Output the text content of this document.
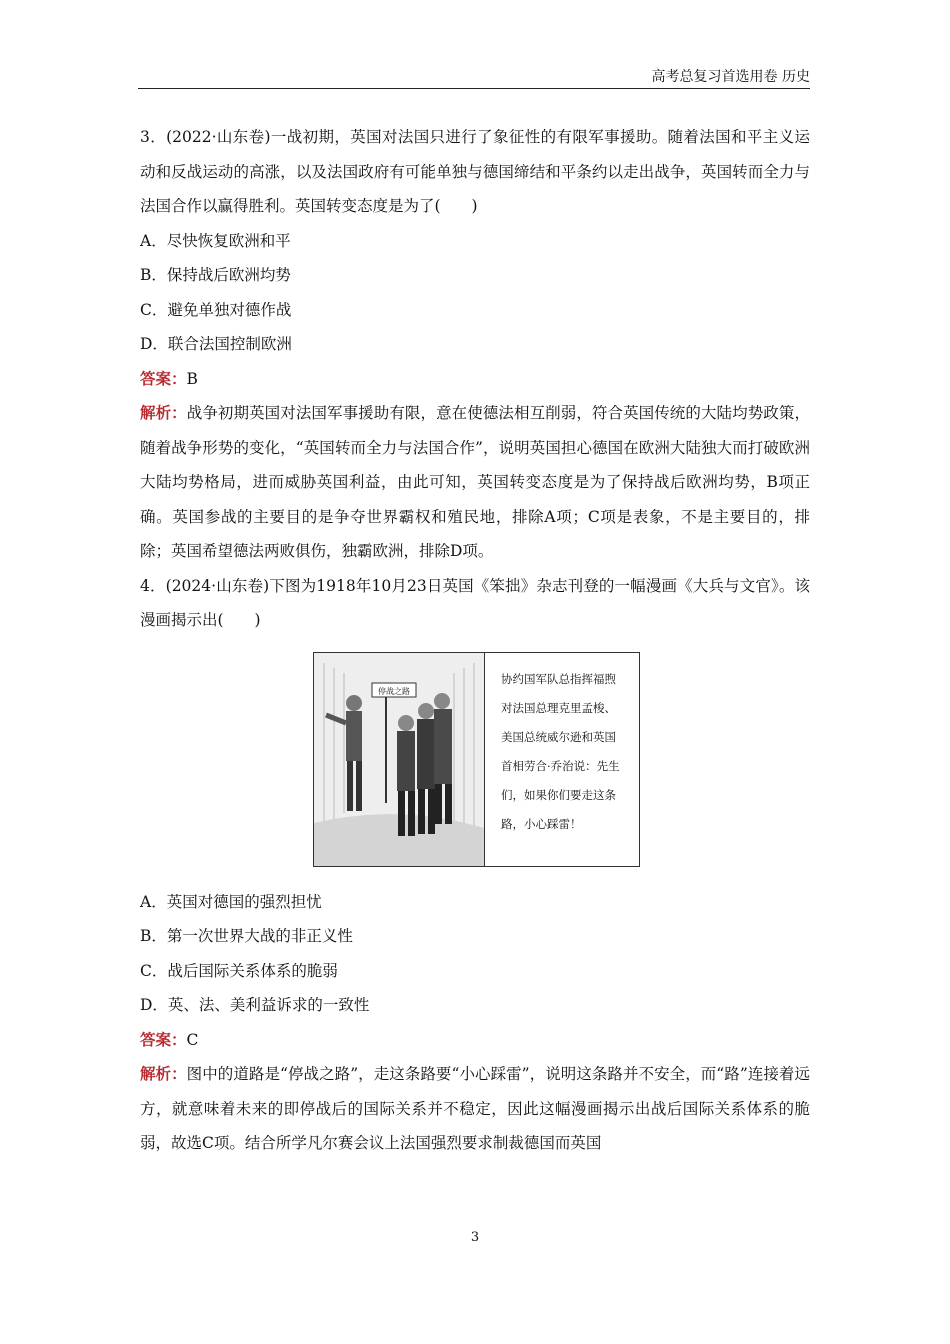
高考总复习首选用卷 历史

3．(2022·山东卷)一战初期，英国对法国只进行了象征性的有限军事援助。随着法国和平主义运动和反战运动的高涨，以及法国政府有可能单独与德国缔结和平条约以走出战争，英国转而全力与法国合作以赢得胜利。英国转变态度是为了(　　)

A．尽快恢复欧洲和平

B．保持战后欧洲均势

C．避免单独对德作战

D．联合法国控制欧洲

答案：B

解析：战争初期英国对法国军事援助有限，意在使德法相互削弱，符合英国传统的大陆均势政策，随着战争形势的变化，“英国转而全力与法国合作”，说明英国担心德国在欧洲大陆独大而打破欧洲大陆均势格局，进而威胁英国利益，由此可知，英国转变态度是为了保持战后欧洲均势，B项正确。英国参战的主要目的是争夺世界霸权和殖民地，排除A项；C项是表象，不是主要目的，排除；英国希望德法两败俱伤，独霸欧洲，排除D项。

4．(2024·山东卷)下图为1918年10月23日英国《笨拙》杂志刊登的一幅漫画《大兵与文官》。该漫画揭示出(　　)

停战之路
协约国军队总指挥福煦对法国总理克里孟梭、美国总统威尔逊和英国首相劳合·乔治说：先生们，如果你们要走这条路，小心踩雷！

A．英国对德国的强烈担忧

B．第一次世界大战的非正义性

C．战后国际关系体系的脆弱

D．英、法、美利益诉求的一致性

答案：C

解析：图中的道路是“停战之路”，走这条路要“小心踩雷”，说明这条路并不安全，而“路”连接着远方，就意味着未来的即停战后的国际关系并不稳定，因此这幅漫画揭示出战后国际关系体系的脆弱，故选C项。结合所学凡尔赛会议上法国强烈要求制裁德国而英国

3
